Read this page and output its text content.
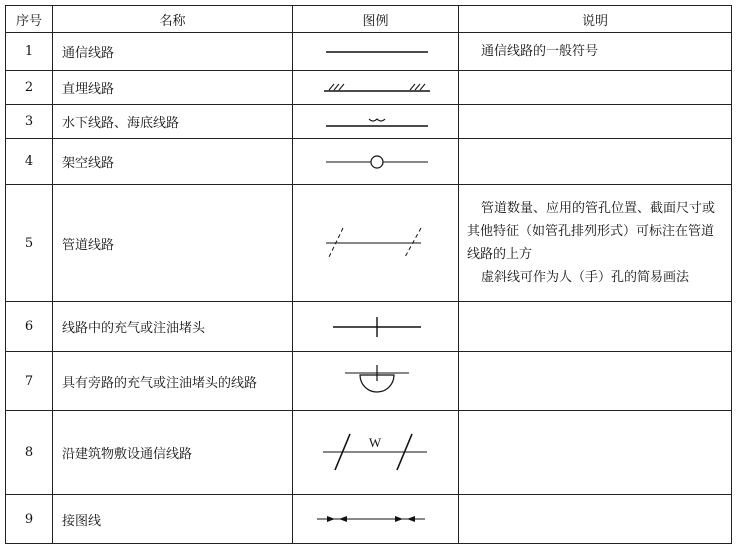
序号	名称	图例	说明
1	通信线路		通信线路的一般符号

2	直埋线路	

3	水下线路、海底线路	

4	架空线路	

5	管道线路		管道数量、应用的管孔位置、截面尺寸或其他特征（如管孔排列形式）可标注在管道线路的上方

虚斜线可作为人（手）孔的简易画法

6	线路中的充气或注油堵头	

7	具有旁路的充气或注油堵头的线路	

8	沿建筑物敷设通信线路	W	

9	接图线	
